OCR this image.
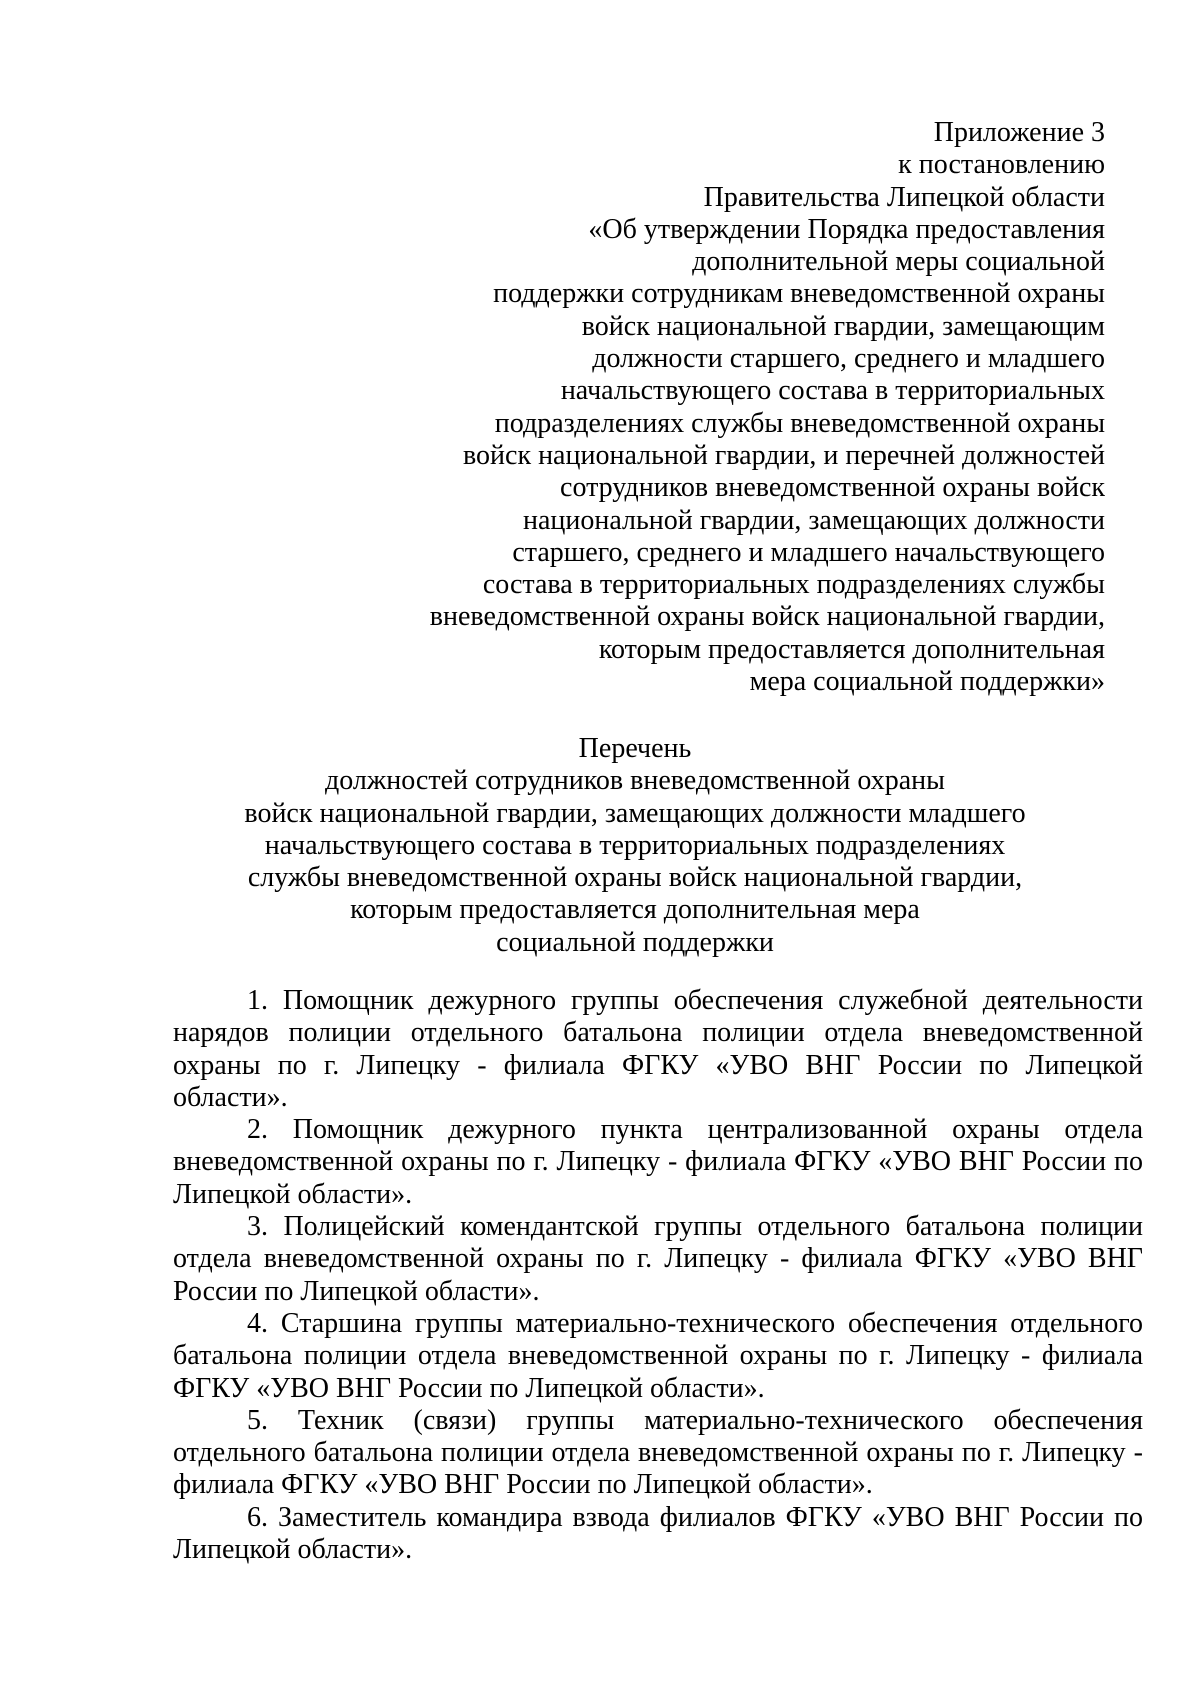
Приложение 3
к постановлению
Правительства Липецкой области
«Об утверждении Порядка предоставления
дополнительной меры социальной
поддержки сотрудникам вневедомственной охраны
войск национальной гвардии, замещающим
должности старшего, среднего и младшего
начальствующего состава в территориальных
подразделениях службы вневедомственной охраны
войск национальной гвардии, и перечней должностей
сотрудников вневедомственной охраны войск
национальной гвардии, замещающих должности
старшего, среднего и младшего начальствующего
состава в территориальных подразделениях службы
вневедомственной охраны войск национальной гвардии,
которым предоставляется дополнительная
мера социальной поддержки»
Перечень
должностей сотрудников вневедомственной охраны
войск национальной гвардии, замещающих должности младшего
начальствующего состава в территориальных подразделениях
службы вневедомственной охраны войск национальной гвардии,
которым предоставляется дополнительная мера
социальной поддержки

1. Помощник дежурного группы обеспечения служебной деятельности нарядов полиции отдельного батальона полиции отдела вневедомственной охраны по г. Липецку - филиала ФГКУ «УВО ВНГ России по Липецкой области».

2. Помощник дежурного пункта централизованной охраны отдела вневедомственной охраны по г. Липецку - филиала ФГКУ «УВО ВНГ России по Липецкой области».

3. Полицейский комендантской группы отдельного батальона полиции отдела вневедомственной охраны по г. Липецку - филиала ФГКУ «УВО ВНГ России по Липецкой области».

4. Старшина группы материально-технического обеспечения отдельного батальона полиции отдела вневедомственной охраны по г. Липецку - филиала ФГКУ «УВО ВНГ России по Липецкой области».

5. Техник (связи) группы материально-технического обеспечения отдельного батальона полиции отдела вневедомственной охраны по г. Липецку - филиала ФГКУ «УВО ВНГ России по Липецкой области».

6. Заместитель командира взвода филиалов ФГКУ «УВО ВНГ России по Липецкой области».
